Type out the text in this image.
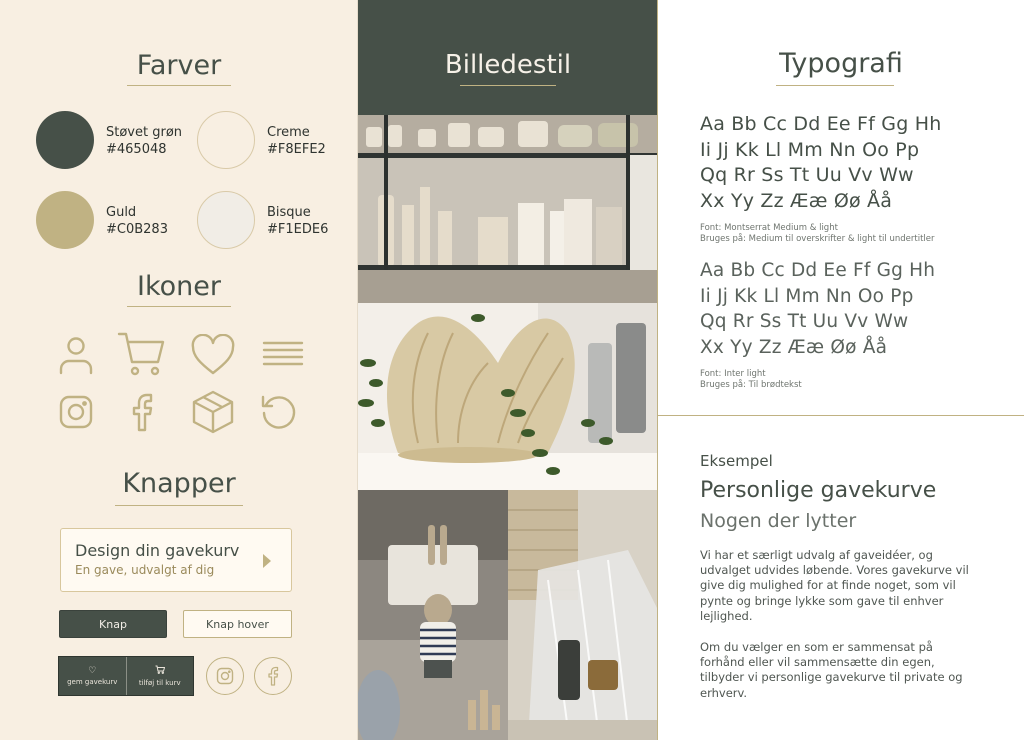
Farver
Støvet grøn
#465048
Creme
#F8EFE2
Guld
#C0B283
Bisque
#F1EDE6
Ikoner
Knapper
Design din gavekurv
En gave, udvalgt af dig
Knap	Knap hover
♡
gem gavekurv	tilføj til kurv
Billedestil	Typografi
Aa Bb Cc Dd Ee Ff Gg Hh
Ii Jj Kk Ll Mm Nn Oo Pp
Qq Rr Ss Tt Uu Vv Ww
Xx Yy Zz Ææ Øø Åå
Font: Montserrat Medium & light
Bruges på: Medium til overskrifter & light til undertitler
Aa Bb Cc Dd Ee Ff Gg Hh
Ii Jj Kk Ll Mm Nn Oo Pp
Qq Rr Ss Tt Uu Vv Ww
Xx Yy Zz Ææ Øø Åå
Font: Inter light
Bruges på: Til brødtekst
Eksempel
Personlige gavekurve
Nogen der lytter
Vi har et særligt udvalg af gaveidéer, og udvalget udvides løbende. Vores gavekurve vil give dig mulighed for at finde noget, som vil pynte og bringe lykke som gave til enhver lejlighed.
Om du vælger en som er sammensat på forhånd eller vil sammensætte din egen, tilbyder vi personlige gavekurve til private og erhverv.
